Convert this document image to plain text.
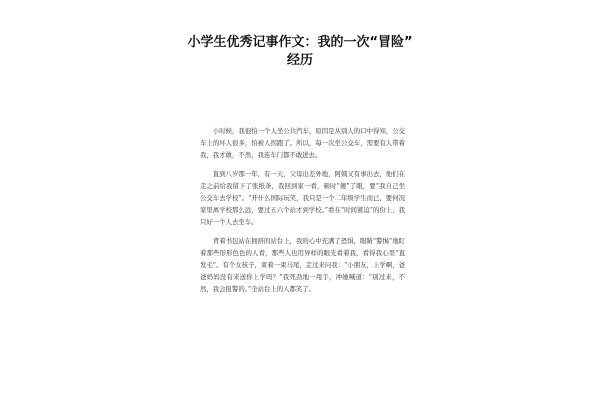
小学生优秀记事作文：我的一次“冒险”
经历

小时候，我很怕一个人坐公共汽车，原因是从别人的口中得知，公交车上的坏人很多，怕被人拐跑了。所以，每一次坐公交车，需要有人带着我，我才敢，不然，我连车门都不敢进去。

直到八岁那一年，有一天，父母出差外地，阿姨又有事出去，他们在走之前给我留下了张纸条，我回到家一看，顿时“傻”了眼，要“我自己坐公交车去学校”。“开什么国际玩笑，我只是一个二年级学生而已，要何况家里离学校那么远，要过五六个站才到学校。”看在“时间紧迫”的份上，我只好一个人去坐车。

背着书包站在拥挤的站台上，我的心中充满了恐惧，眼睛“警惕”地盯着那些形形色色的人看，那些人也用异样的眼光看着我，看得我心里“直发毛”。有个女孩子，束着一束马尾，走过来问我：“小朋友，上学啊，爸爸妈妈没有来送你上学吗？”我死劲地一甩手，冲她喊道：“别过来，不然，我会报警的。”全站台上的人都笑了。
